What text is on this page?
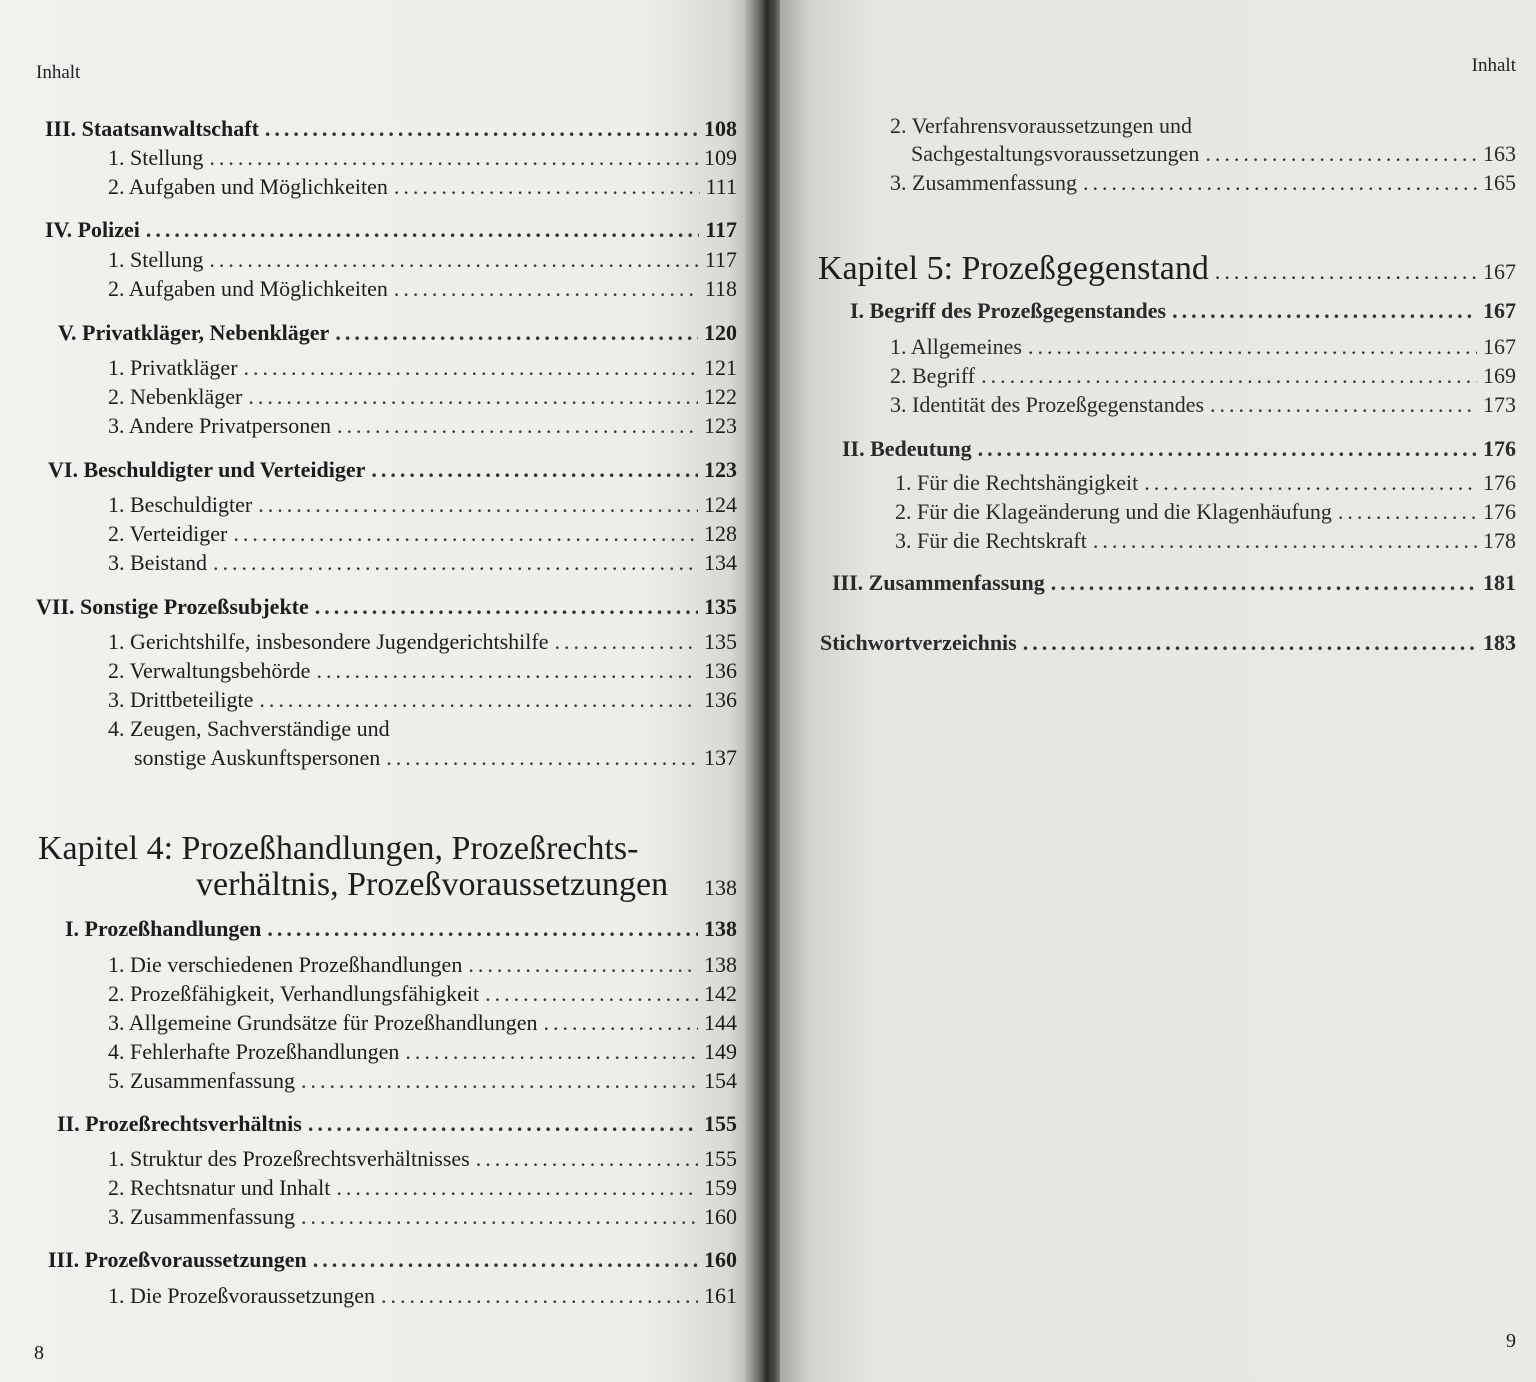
Inhalt
III. Staatsanwaltschaft .....	108
1. Stellung .....	109
2. Aufgaben und Möglichkeiten .....	111
IV. Polizei .....	117
1. Stellung .....	117
2. Aufgaben und Möglichkeiten .....	118
V. Privatkläger, Nebenkläger .....	120
1. Privatkläger .....	121
2. Nebenkläger .....	122
3. Andere Privatpersonen .....	123
VI. Beschuldigter und Verteidiger .....	123
1. Beschuldigter .....	124
2. Verteidiger .....	128
3. Beistand .....	134
VII. Sonstige Prozeßsubjekte .....	135
1. Gerichtshilfe, insbesondere Jugendgerichtshilfe .....	135
2. Verwaltungsbehörde .....	136
3. Drittbeteiligte .....	136
4. Zeugen, Sachverständige und
sonstige Auskunftspersonen .....	137
Kapitel 4: Prozeßhandlungen, Prozeßrechts-
verhältnis, Prozeßvoraussetzungen 138
I. Prozeßhandlungen .....	138
1. Die verschiedenen Prozeßhandlungen .....	138
2. Prozeßfähigkeit, Verhandlungsfähigkeit .....	142
3. Allgemeine Grundsätze für Prozeßhandlungen .....	144
4. Fehlerhafte Prozeßhandlungen .....	149
5. Zusammenfassung .....	154
II. Prozeßrechtsverhältnis .....	155
1. Struktur des Prozeßrechtsverhältnisses .....	155
2. Rechtsnatur und Inhalt .....	159
3. Zusammenfassung .....	160
III. Prozeßvoraussetzungen .....	160
1. Die Prozeßvoraussetzungen .....	161
8
Inhalt
2. Verfahrensvoraussetzungen und
Sachgestaltungsvoraussetzungen .....	163
3. Zusammenfassung .....	165
Kapitel 5: Prozeßgegenstand .....	167
I. Begriff des Prozeßgegenstandes .....	167
1. Allgemeines .....	167
2. Begriff .....	169
3. Identität des Prozeßgegenstandes .....	173
II. Bedeutung .....	176
1. Für die Rechtshängigkeit .....	176
2. Für die Klageänderung und die Klagenhäufung .....	176
3. Für die Rechtskraft .....	178
III. Zusammenfassung .....	181
Stichwortverzeichnis .....	183
9
